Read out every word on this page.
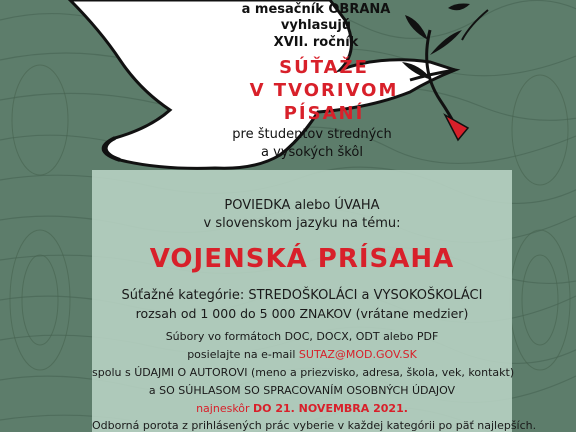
a mesačník OBRANA
vyhlasujú
XVII. ročník
SÚŤAŽE
V TVORIVOM
PÍSANÍ
pre študentov stredných
a vysokých škôl
POVIEDKA alebo ÚVAHA
v slovenskom jazyku na tému:
VOJENSKÁ PRÍSAHA
Súťažné kategórie: STREDOŠKOLÁCI a VYSOKOŠKOLÁCI
rozsah od 1 000 do 5 000 ZNAKOV (vrátane medzier)
Súbory vo formátoch DOC, DOCX, ODT alebo PDF
posielajte na e-mail SUTAZ@MOD.GOV.SK
spolu s ÚDAJMI O AUTOROVI (meno a priezvisko, adresa, škola, vek, kontakt)
a SO SÚHLASOM SO SPRACOVANÍM OSOBNÝCH ÚDAJOV
najneskôr DO 21. NOVEMBRA 2021.
Odborná porota z prihlásených prác vyberie v každej kategórii po päť najlepších.
